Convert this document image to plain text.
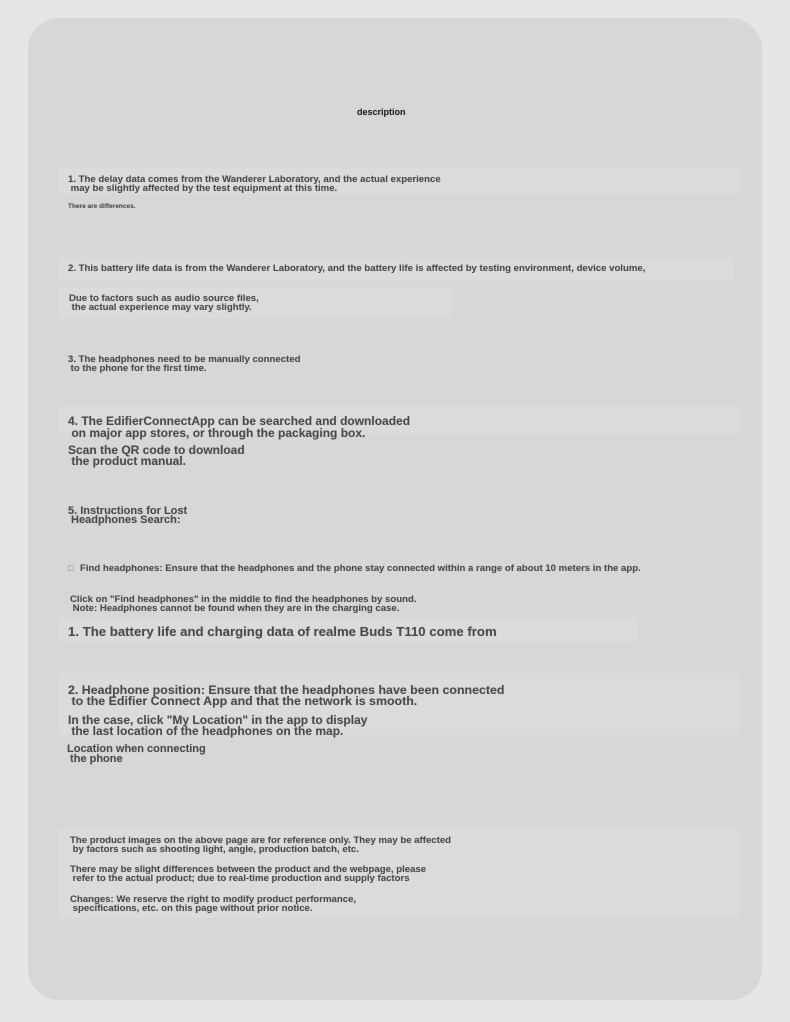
description
1. The delay data comes from the Wanderer Laboratory, and the actual experience
may be slightly affected by the test equipment at this time.
There are differences.
2. This battery life data is from the Wanderer Laboratory, and the battery life is affected by testing environment, device volume,
Due to factors such as audio source files,
the actual experience may vary slightly.
3. The headphones need to be manually connected
to the phone for the first time.
4. The EdifierConnectApp can be searched and downloaded
on major app stores, or through the packaging box.
Scan the QR code to download
the product manual.
5. Instructions for Lost
Headphones Search:
□ Find headphones: Ensure that the headphones and the phone stay connected within a range of about 10 meters in the app.
Click on "Find headphones" in the middle to find the headphones by sound.
Note: Headphones cannot be found when they are in the charging case.
1. The battery life and charging data of realme Buds T110 come from
2. Headphone position: Ensure that the headphones have been connected
to the Edifier Connect App and that the network is smooth.
In the case, click "My Location" in the app to display
the last location of the headphones on the map.
Location when connecting
the phone
The product images on the above page are for reference only. They may be affected
by factors such as shooting light, angle, production batch, etc.
There may be slight differences between the product and the webpage, please
refer to the actual product; due to real-time production and supply factors
Changes: We reserve the right to modify product performance,
specifications, etc. on this page without prior notice.
